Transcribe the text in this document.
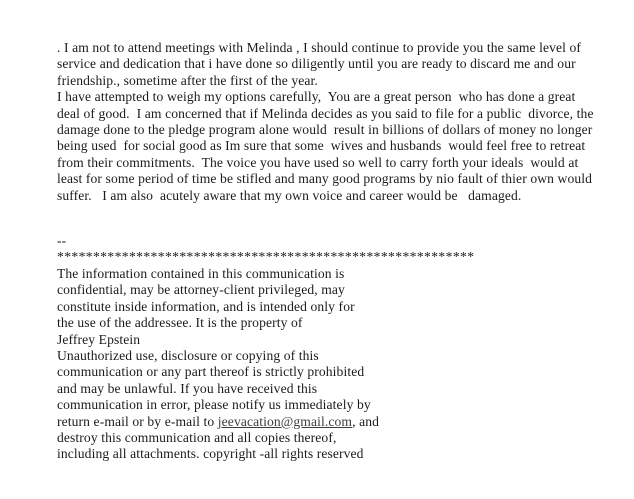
. I am not to attend meetings with Melinda , I should continue to provide you the same level of
service and dedication that i have done so diligently until you are ready to discard me and our
friendship., sometime after the first of the year.
I have attempted to weigh my options carefully,  You are a great person  who has done a great
deal of good.  I am concerned that if Melinda decides as you said to file for a public  divorce, the
damage done to the pledge program alone would  result in billions of dollars of money no longer
being used  for social good as Im sure that some  wives and husbands  would feel free to retreat
from their commitments.  The voice you have used so well to carry forth your ideals  would at
least for some period of time be stifled and many good programs by nio fault of thier own would
suffer.   I am also  acutely aware that my own voice and career would be   damaged.
--
**********************************************************
The information contained in this communication is
confidential, may be attorney-client privileged, may
constitute inside information, and is intended only for
the use of the addressee. It is the property of
Jeffrey Epstein
Unauthorized use, disclosure or copying of this
communication or any part thereof is strictly prohibited
and may be unlawful. If you have received this
communication in error, please notify us immediately by
return e-mail or by e-mail to jeevacation@gmail.com, and
destroy this communication and all copies thereof,
including all attachments. copyright -all rights reserved
